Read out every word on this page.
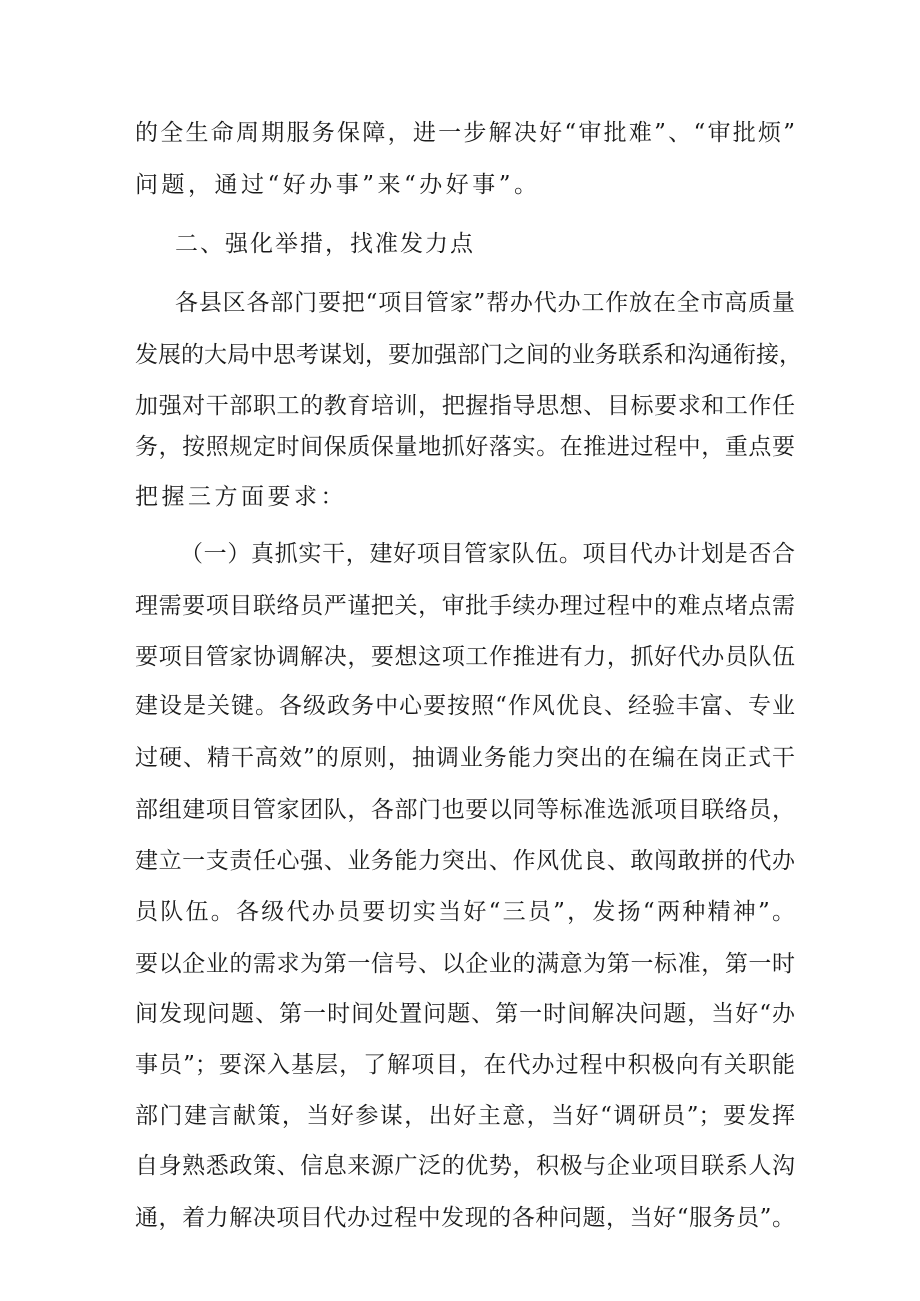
的全生命周期服务保障，进一步解决好“审批难”、“审批烦”
问题，通过“好办事”来“办好事”。
二、强化举措，找准发力点
各县区各部门要把“项目管家”帮办代办工作放在全市高质量
发展的大局中思考谋划，要加强部门之间的业务联系和沟通衔接，
加强对干部职工的教育培训，把握指导思想、目标要求和工作任
务，按照规定时间保质保量地抓好落实。在推进过程中，重点要
把握三方面要求：
（一）真抓实干，建好项目管家队伍。项目代办计划是否合
理需要项目联络员严谨把关，审批手续办理过程中的难点堵点需
要项目管家协调解决，要想这项工作推进有力，抓好代办员队伍
建设是关键。各级政务中心要按照“作风优良、经验丰富、专业
过硬、精干高效”的原则，抽调业务能力突出的在编在岗正式干
部组建项目管家团队，各部门也要以同等标准选派项目联络员，
建立一支责任心强、业务能力突出、作风优良、敢闯敢拼的代办
员队伍。各级代办员要切实当好“三员”，发扬“两种精神”。
要以企业的需求为第一信号、以企业的满意为第一标准，第一时
间发现问题、第一时间处置问题、第一时间解决问题，当好“办
事员”；要深入基层，了解项目，在代办过程中积极向有关职能
部门建言献策，当好参谋，出好主意，当好“调研员”；要发挥
自身熟悉政策、信息来源广泛的优势，积极与企业项目联系人沟
通，着力解决项目代办过程中发现的各种问题，当好“服务员”。
